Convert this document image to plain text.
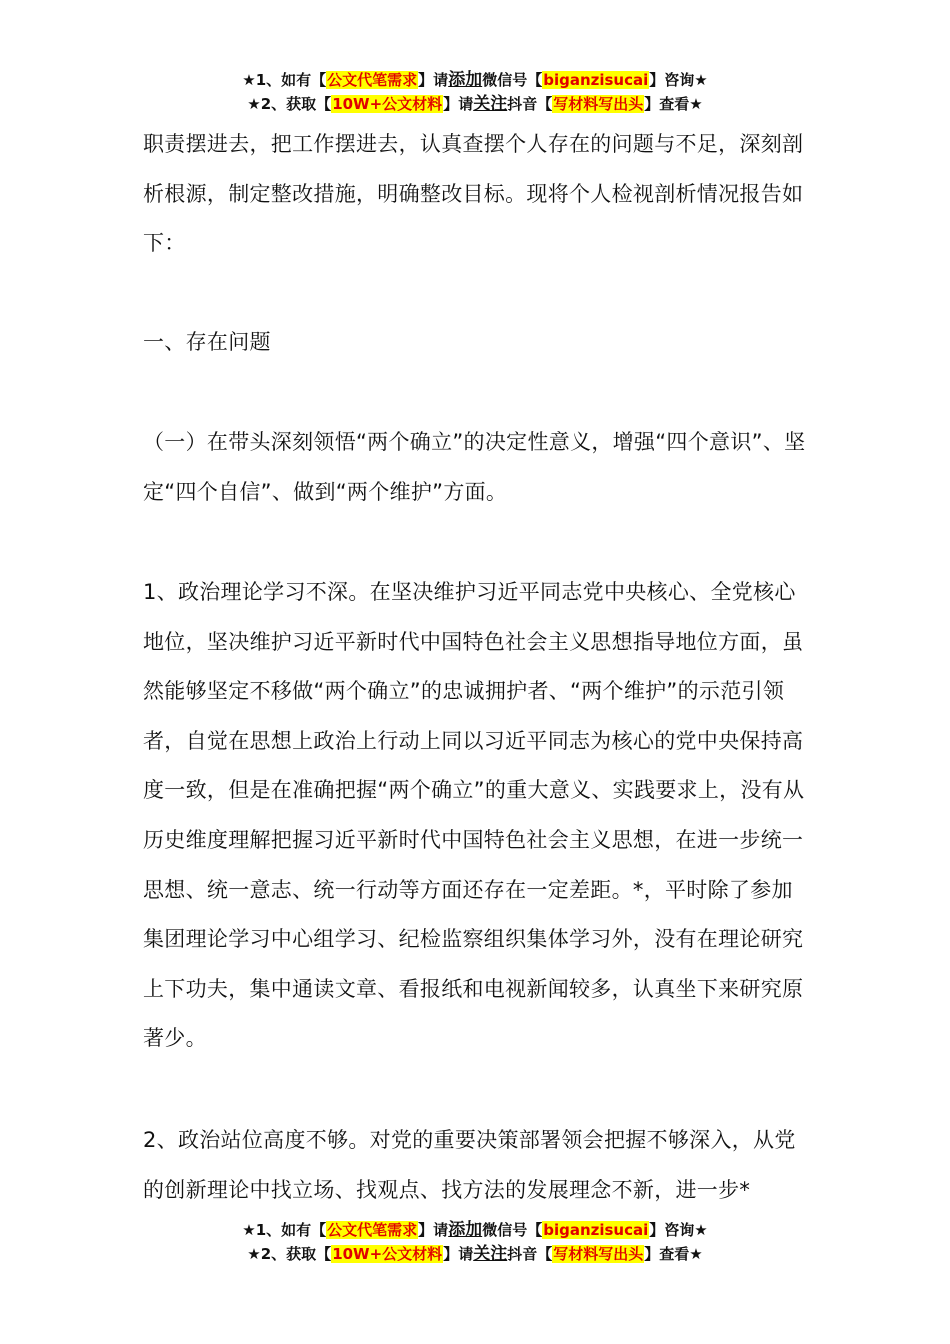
★1、如有【公文代笔需求】请添加微信号【biganzisucai】咨询★
★2、获取【10W+公文材料】请关注抖音【写材料写出头】查看★

职责摆进去，把工作摆进去，认真查摆个人存在的问题与不足，深刻剖析根源，制定整改措施，明确整改目标。现将个人检视剖析情况报告如下：

一、存在问题

（一）在带头深刻领悟“两个确立”的决定性意义，增强“四个意识”、坚定“四个自信”、做到“两个维护”方面。

1、政治理论学习不深。在坚决维护习近平同志党中央核心、全党核心地位，坚决维护习近平新时代中国特色社会主义思想指导地位方面，虽然能够坚定不移做“两个确立”的忠诚拥护者、“两个维护”的示范引领者，自觉在思想上政治上行动上同以习近平同志为核心的党中央保持高度一致，但是在准确把握“两个确立”的重大意义、实践要求上，没有从历史维度理解把握习近平新时代中国特色社会主义思想，在进一步统一思想、统一意志、统一行动等方面还存在一定差距。*，平时除了参加集团理论学习中心组学习、纪检监察组织集体学习外，没有在理论研究上下功夫，集中通读文章、看报纸和电视新闻较多，认真坐下来研究原著少。

2、政治站位高度不够。对党的重要决策部署领会把握不够深入，从党的创新理论中找立场、找观点、找方法的发展理念不新，进一步*

★1、如有【公文代笔需求】请添加微信号【biganzisucai】咨询★
★2、获取【10W+公文材料】请关注抖音【写材料写出头】查看★
